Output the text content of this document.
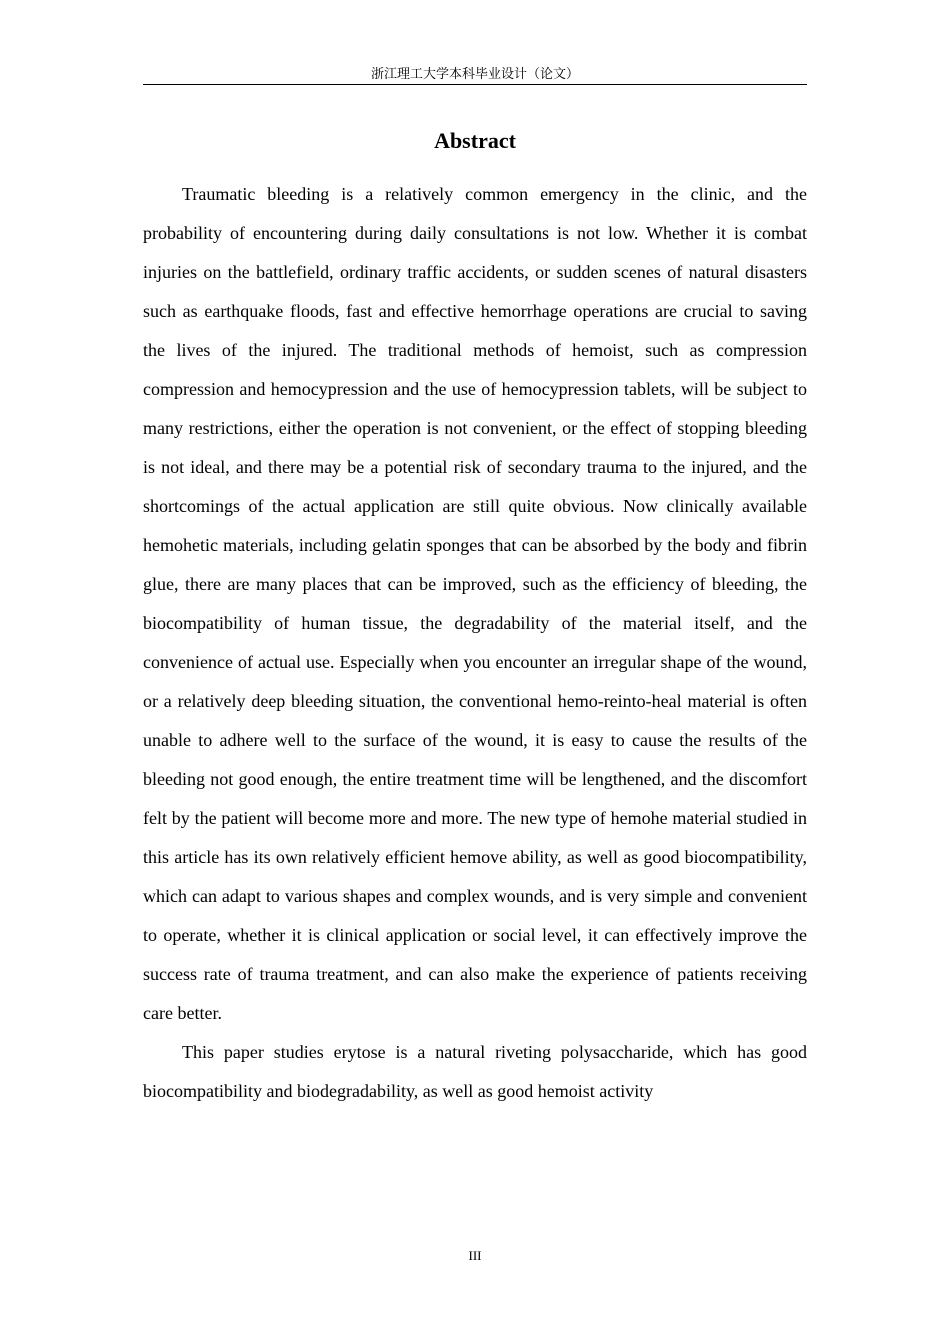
浙江理工大学本科毕业设计（论文）
Abstract

Traumatic bleeding is a relatively common emergency in the clinic, and the probability of encountering during daily consultations is not low. Whether it is combat injuries on the battlefield, ordinary traffic accidents, or sudden scenes of natural disasters such as earthquake floods, fast and effective hemorrhage operations are crucial to saving the lives of the injured. The traditional methods of hemoist, such as compression compression and hemocypression and the use of hemocypression tablets, will be subject to many restrictions, either the operation is not convenient, or the effect of stopping bleeding is not ideal, and there may be a potential risk of secondary trauma to the injured, and the shortcomings of the actual application are still quite obvious. Now clinically available hemohetic materials, including gelatin sponges that can be absorbed by the body and fibrin glue, there are many places that can be improved, such as the efficiency of bleeding, the biocompatibility of human tissue, the degradability of the material itself, and the convenience of actual use. Especially when you encounter an irregular shape of the wound, or a relatively deep bleeding situation, the conventional hemo-reinto-heal material is often unable to adhere well to the surface of the wound, it is easy to cause the results of the bleeding not good enough, the entire treatment time will be lengthened, and the discomfort felt by the patient will become more and more. The new type of hemohe material studied in this article has its own relatively efficient hemove ability, as well as good biocompatibility, which can adapt to various shapes and complex wounds, and is very simple and convenient to operate, whether it is clinical application or social level, it can effectively improve the success rate of trauma treatment, and can also make the experience of patients receiving care better.

This paper studies erytose is a natural riveting polysaccharide, which has good biocompatibility and biodegradability, as well as good hemoist activity

III
